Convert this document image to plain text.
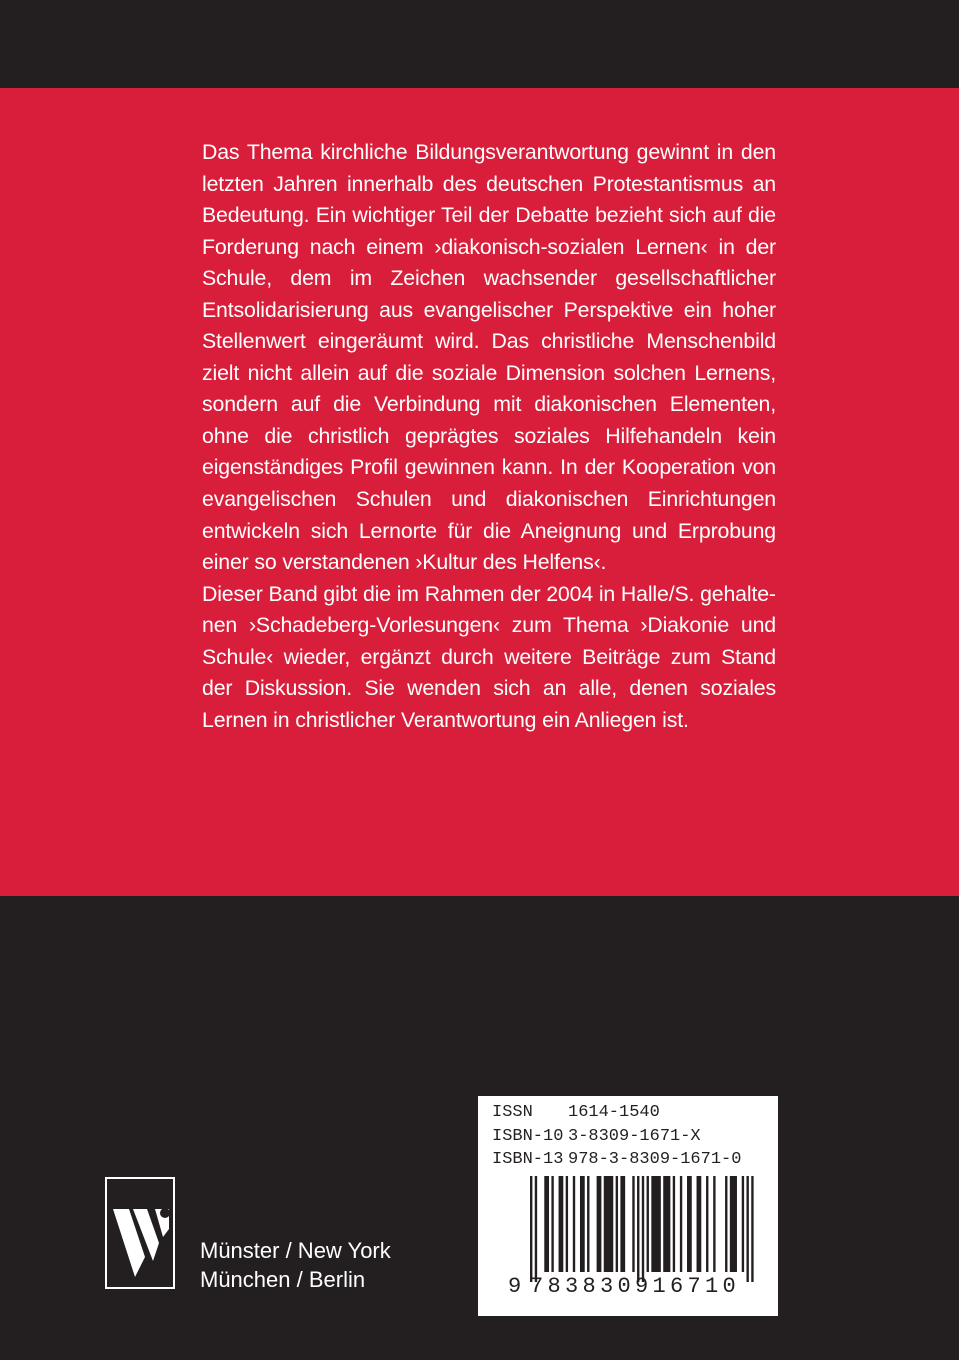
Das Thema kirchliche Bildungsverantwortung gewinnt in den letzten Jahren innerhalb des deutschen Protestantismus an Bedeutung. Ein wichtiger Teil der Debatte bezieht sich auf die Forderung nach einem ›diakonisch-sozialen Lernen‹ in der Schule, dem im Zeichen wachsender gesellschaftlicher Entsolidarisierung aus evangelischer Perspektive ein hoher Stellenwert eingeräumt wird. Das christliche Menschenbild zielt nicht allein auf die soziale Dimension solchen Lernens, sondern auf die Verbindung mit diakonischen Elementen, ohne die christlich geprägtes soziales Hilfehandeln kein eigenständiges Profil gewinnen kann. In der Kooperation von evangelischen Schulen und diakonischen Einrichtungen entwickeln sich Lernorte für die Aneignung und Erprobung einer so verstandenen ›Kultur des Helfens‹.

Dieser Band gibt die im Rahmen der 2004 in Halle/S. gehaltenen ›Schadeberg-Vorlesungen‹ zum Thema ›Diakonie und Schule‹ wieder, ergänzt durch weitere Beiträge zum Stand der Diskussion. Sie wenden sich an alle, denen soziales Lernen in christlicher Verantwortung ein Anliegen ist.

Münster / New York
München / Berlin
ISSN 1614-1540
ISBN-10 3-8309-1671-X
ISBN-13 978-3-8309-1671-0
9 783830916710
